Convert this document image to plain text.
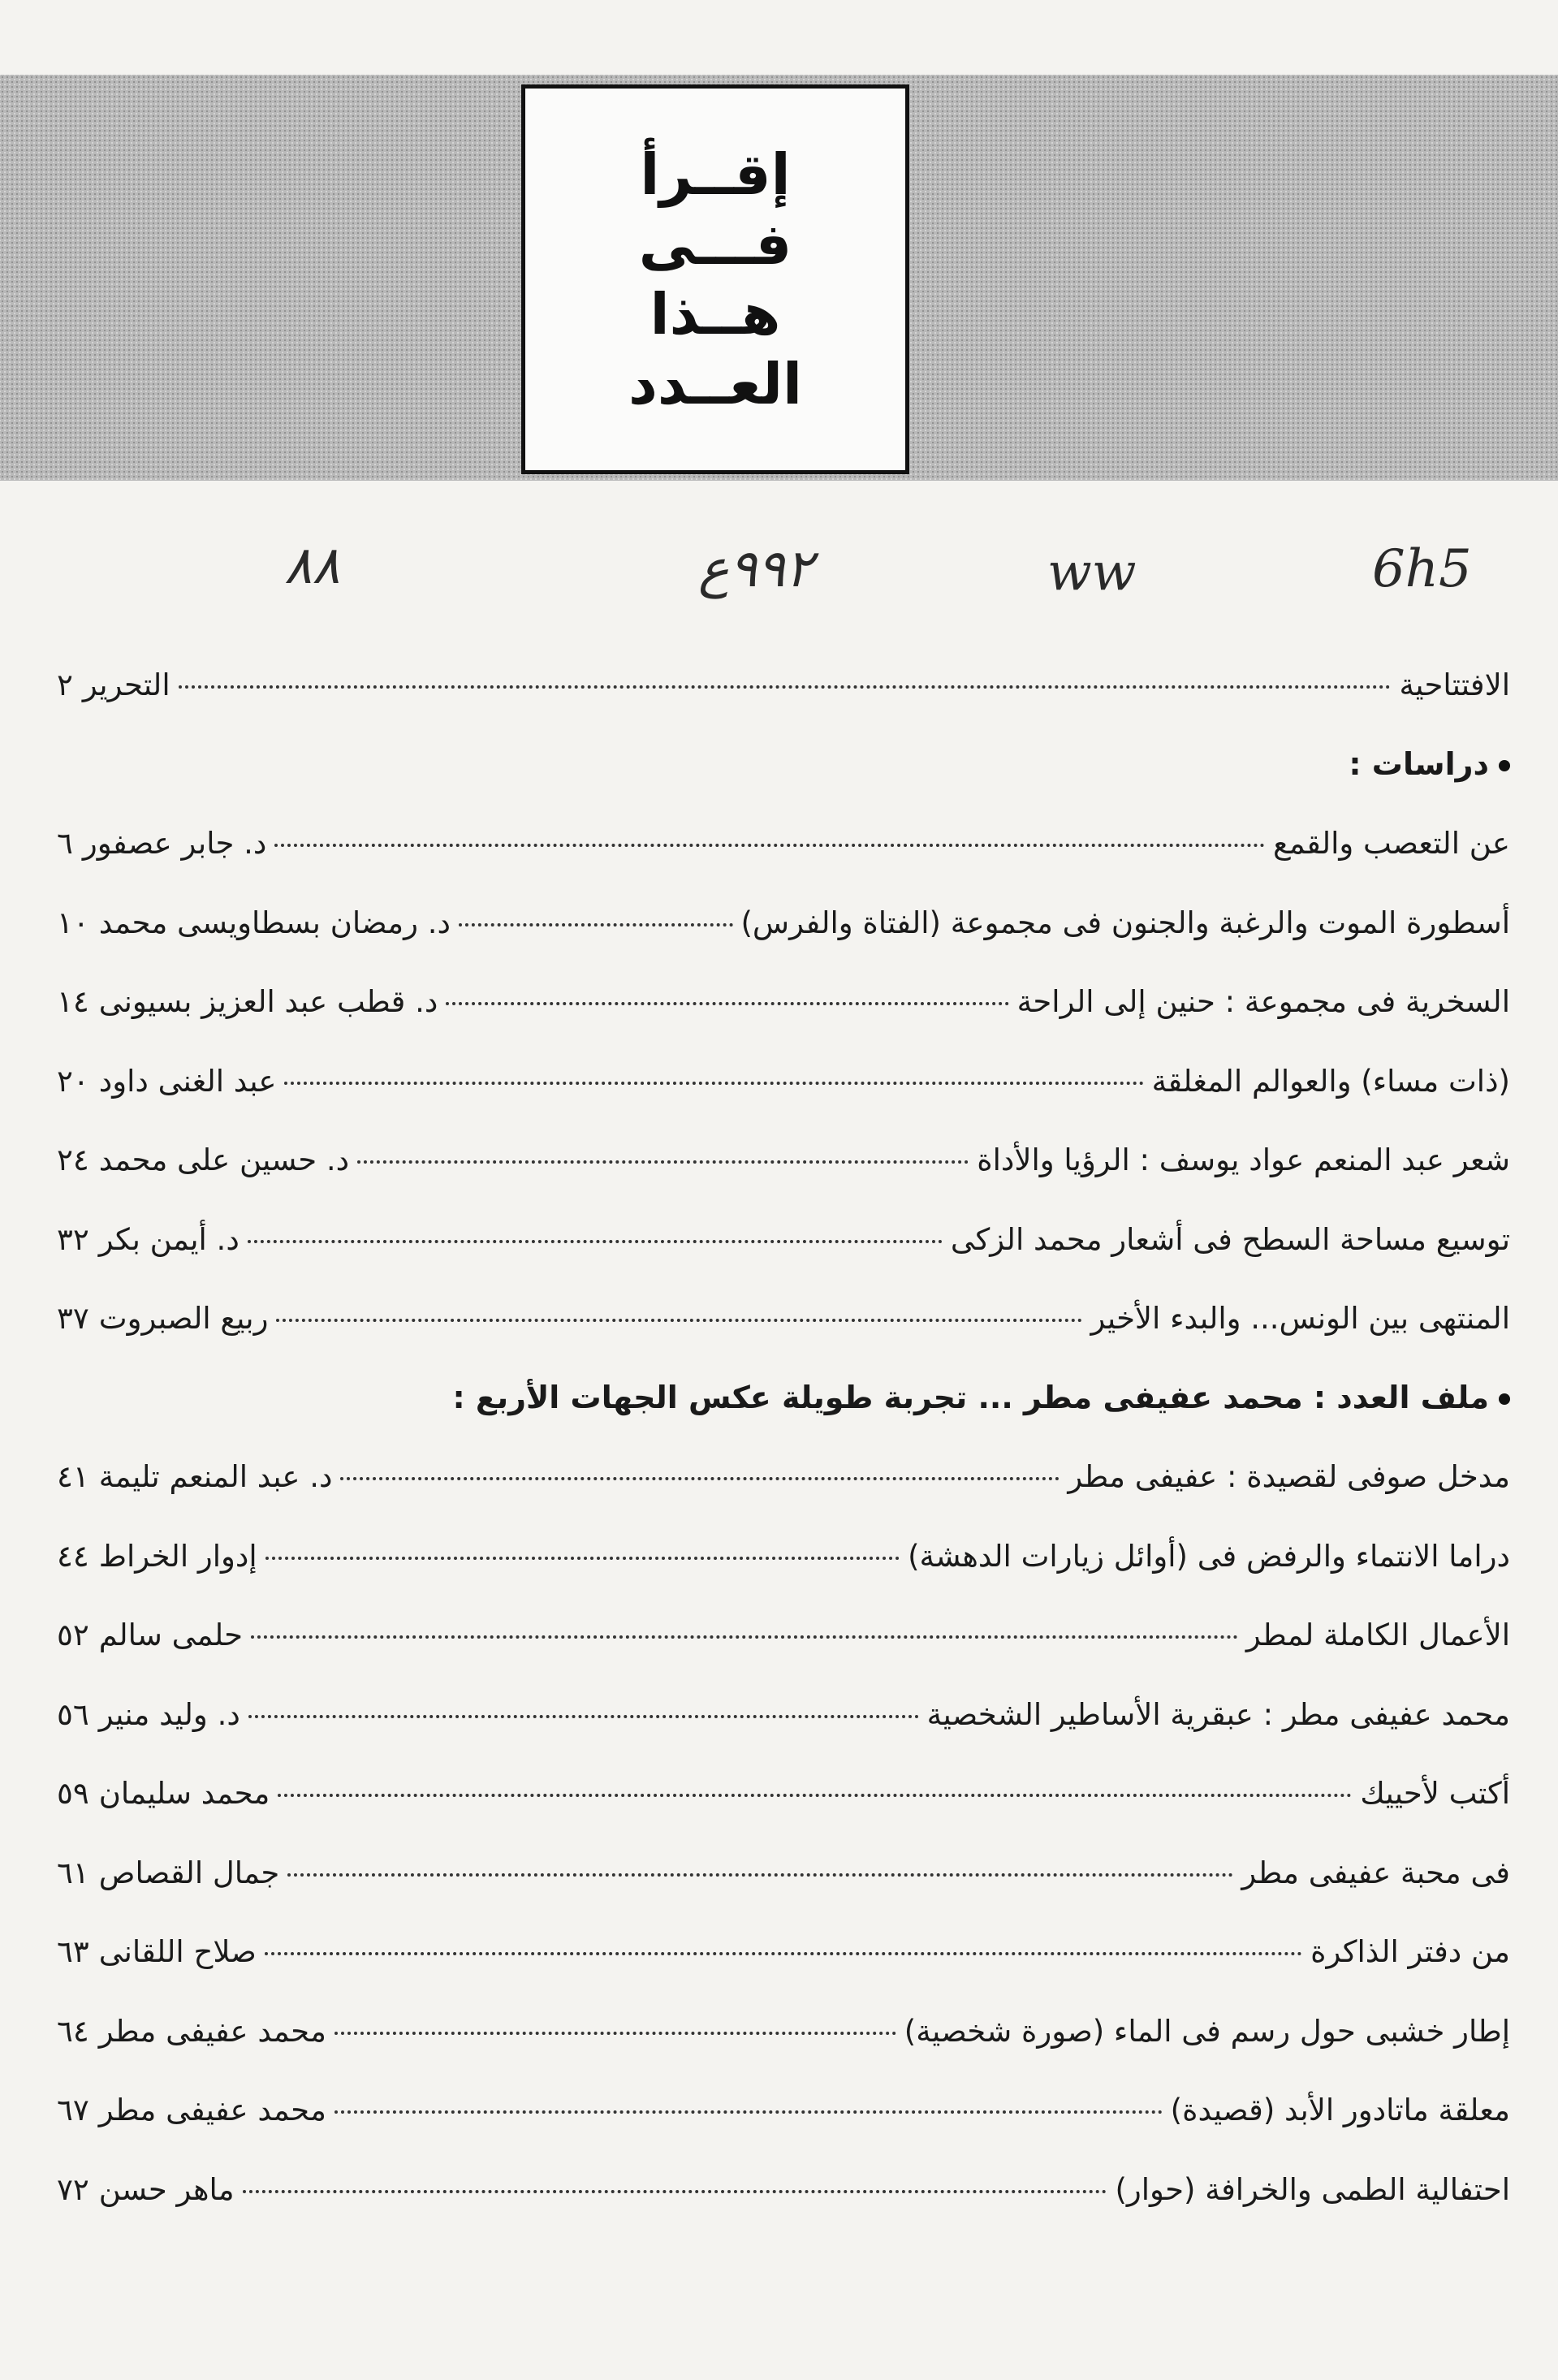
إقــرأ
فـــى
هــذا
العــدد
6h5
ww
٩٩٢ع
٨٨
الافتتاحية
التحرير
٢
دراسات :
عن التعصب والقمع
د. جابر عصفور
٦
أسطورة الموت والرغبة والجنون فى مجموعة (الفتاة والفرس)
د. رمضان بسطاويسى محمد
١٠
السخرية فى مجموعة : حنين إلى الراحة
د. قطب عبد العزيز بسيونى
١٤
(ذات مساء) والعوالم المغلقة
عبد الغنى داود
٢٠
شعر عبد المنعم عواد يوسف : الرؤيا والأداة
د. حسين على محمد
٢٤
توسيع مساحة السطح فى أشعار محمد الزكى
د. أيمن بكر
٣٢
المنتهى بين الونس... والبدء الأخير
ربيع الصبروت
٣٧
ملف العدد : محمد عفيفى مطر ... تجربة طويلة عكس الجهات الأربع :
مدخل صوفى لقصيدة : عفيفى مطر
د. عبد المنعم تليمة
٤١
دراما الانتماء والرفض فى (أوائل زيارات الدهشة)
إدوار الخراط
٤٤
الأعمال الكاملة لمطر
حلمى سالم
٥٢
محمد عفيفى مطر : عبقرية الأساطير الشخصية
د. وليد منير
٥٦
أكتب لأحييك
محمد سليمان
٥٩
فى محبة عفيفى مطر
جمال القصاص
٦١
من دفتر الذاكرة
صلاح اللقانى
٦٣
إطار خشبى حول رسم فى الماء (صورة شخصية)
محمد عفيفى مطر
٦٤
معلقة ماتادور الأبد (قصيدة)
محمد عفيفى مطر
٦٧
احتفالية الطمى والخرافة (حوار)
ماهر حسن
٧٢
